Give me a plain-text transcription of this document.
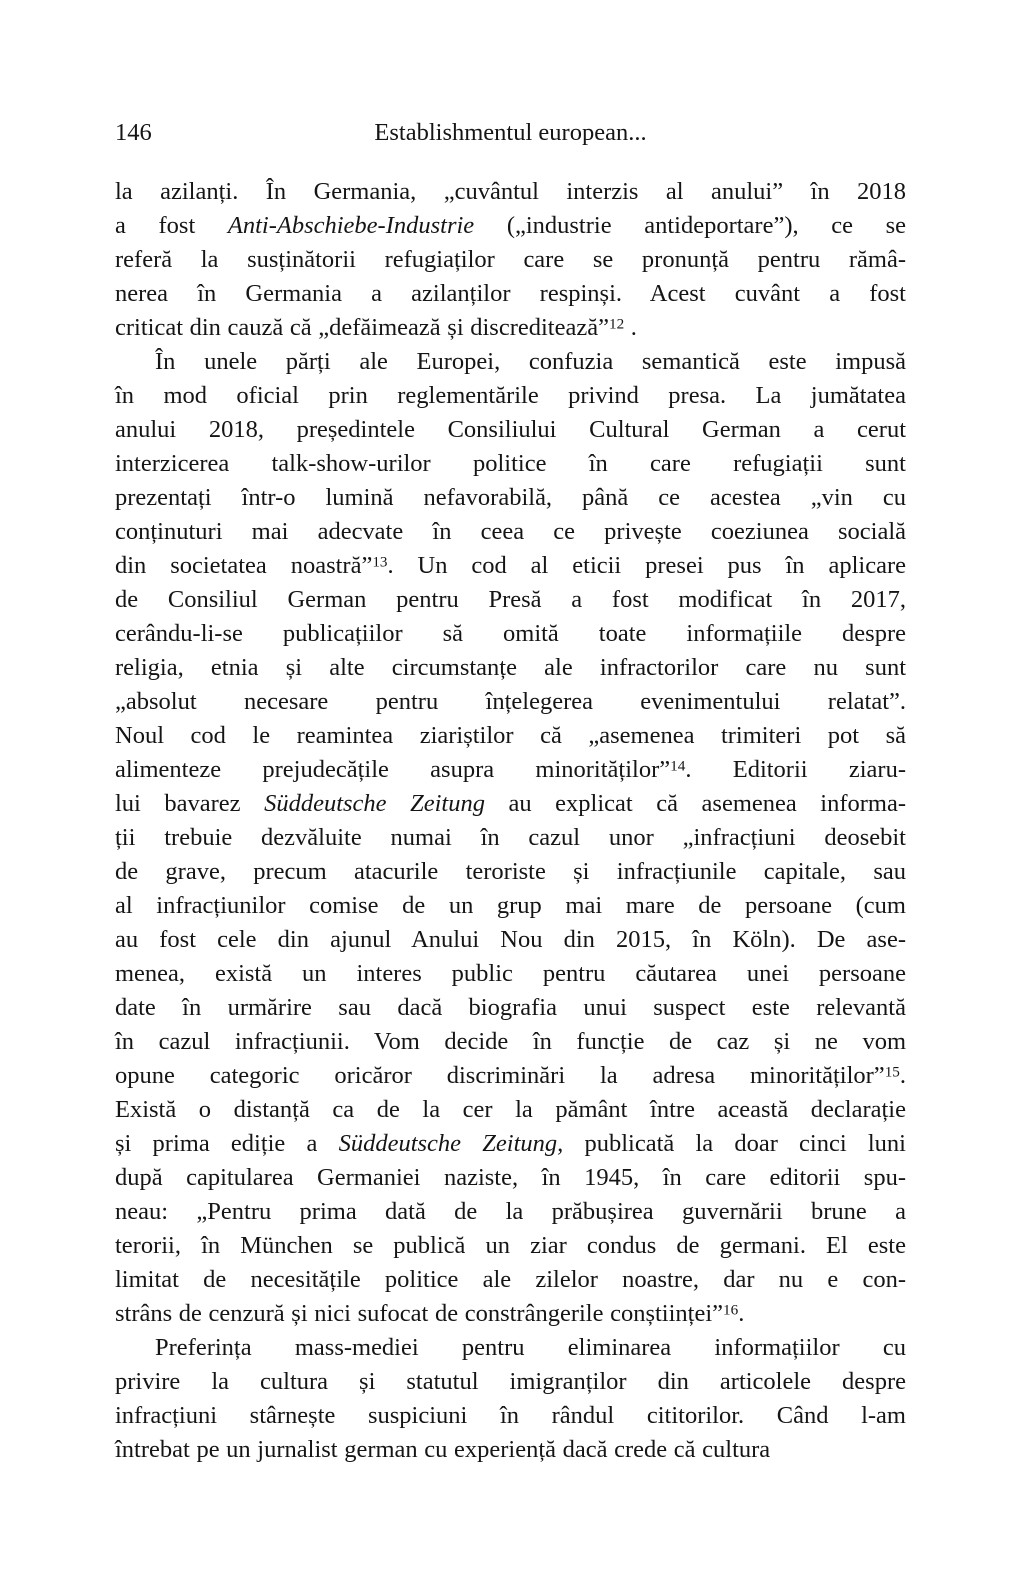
146	Establishmentul european...
la azilanți. În Germania, „cuvântul interzis al anului” în 2018
a fost Anti-Abschiebe-Industrie („industrie antideportare”), ce se
referă la susținătorii refugiaților care se pronunță pentru rămâ-
nerea în Germania a azilanților respinși. Acest cuvânt a fost
criticat din cauză că „defăimează și discreditează”$^{12}$ .
În unele părți ale Europei, confuzia semantică este impusă
în mod oficial prin reglementările privind presa. La jumătatea
anului 2018, președintele Consiliului Cultural German a cerut
interzicerea talk-show-urilor politice în care refugiații sunt
prezentați într-o lumină nefavorabilă, până ce acestea „vin cu
conținuturi mai adecvate în ceea ce privește coeziunea socială
din societatea noastră”$^{13}$. Un cod al eticii presei pus în aplicare
de Consiliul German pentru Presă a fost modificat în 2017,
cerându-li-se publicațiilor să omită toate informațiile despre
religia, etnia și alte circumstanțe ale infractorilor care nu sunt
„absolut necesare pentru înțelegerea evenimentului relatat”.
Noul cod le reamintea ziariștilor că „asemenea trimiteri pot să
alimenteze prejudecățile asupra minorităților”$^{14}$. Editorii ziaru-
lui bavarez Süddeutsche Zeitung au explicat că asemenea informa-
ții trebuie dezvăluite numai în cazul unor „infracțiuni deosebit
de grave, precum atacurile teroriste și infracțiunile capitale, sau
al infracțiunilor comise de un grup mai mare de persoane (cum
au fost cele din ajunul Anului Nou din 2015, în Köln). De ase-
menea, există un interes public pentru căutarea unei persoane
date în urmărire sau dacă biografia unui suspect este relevantă
în cazul infracțiunii. Vom decide în funcție de caz și ne vom
opune categoric oricăror discriminări la adresa minorităților”$^{15}$.
Există o distanță ca de la cer la pământ între această declarație
și prima ediție a Süddeutsche Zeitung, publicată la doar cinci luni
după capitularea Germaniei naziste, în 1945, în care editorii spu-
neau: „Pentru prima dată de la prăbușirea guvernării brune a
terorii, în München se publică un ziar condus de germani. El este
limitat de necesitățile politice ale zilelor noastre, dar nu e con-
strâns de cenzură și nici sufocat de constrângerile conștiinței”$^{16}$.
Preferința mass-mediei pentru eliminarea informațiilor cu
privire la cultura și statutul imigranților din articolele despre
infracțiuni stârnește suspiciuni în rândul cititorilor. Când l-am
întrebat pe un jurnalist german cu experiență dacă crede că cultura
